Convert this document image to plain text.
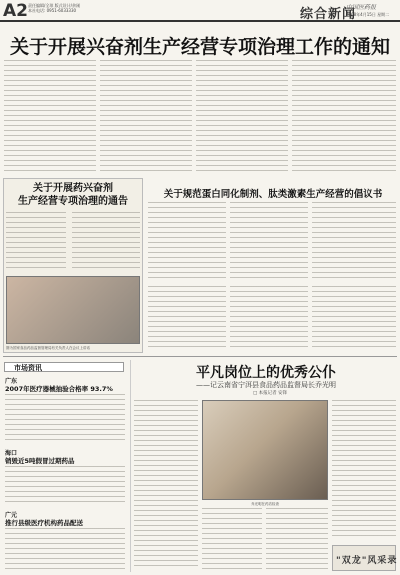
A2 责任编辑/全琼 版式设计/余刚
本社电话: 0951-6033330	综合新闻
中国医药报
2008年4月15日 星期二
关于开展兴奋剂生产经营专项治理工作的通知
关于开展药兴奋剂
生产经营专项治理的通告
图为国家食品药品监督管理局有关负责人在会议上讲话
关于规范蛋白同化制剂、肽类激素生产经营的倡议书
市场资讯
广东
2007年医疗器械抽验合格率 93.7%
海口
销毁近5吨假冒过期药品
广元
推行县级医疗机构药品配送
平凡岗位上的优秀公仆
——记云南省宁洱县食品药品监督局长乔光明
□ 本报记者 安锋
乔光明在药店检查
"双龙"风采录
